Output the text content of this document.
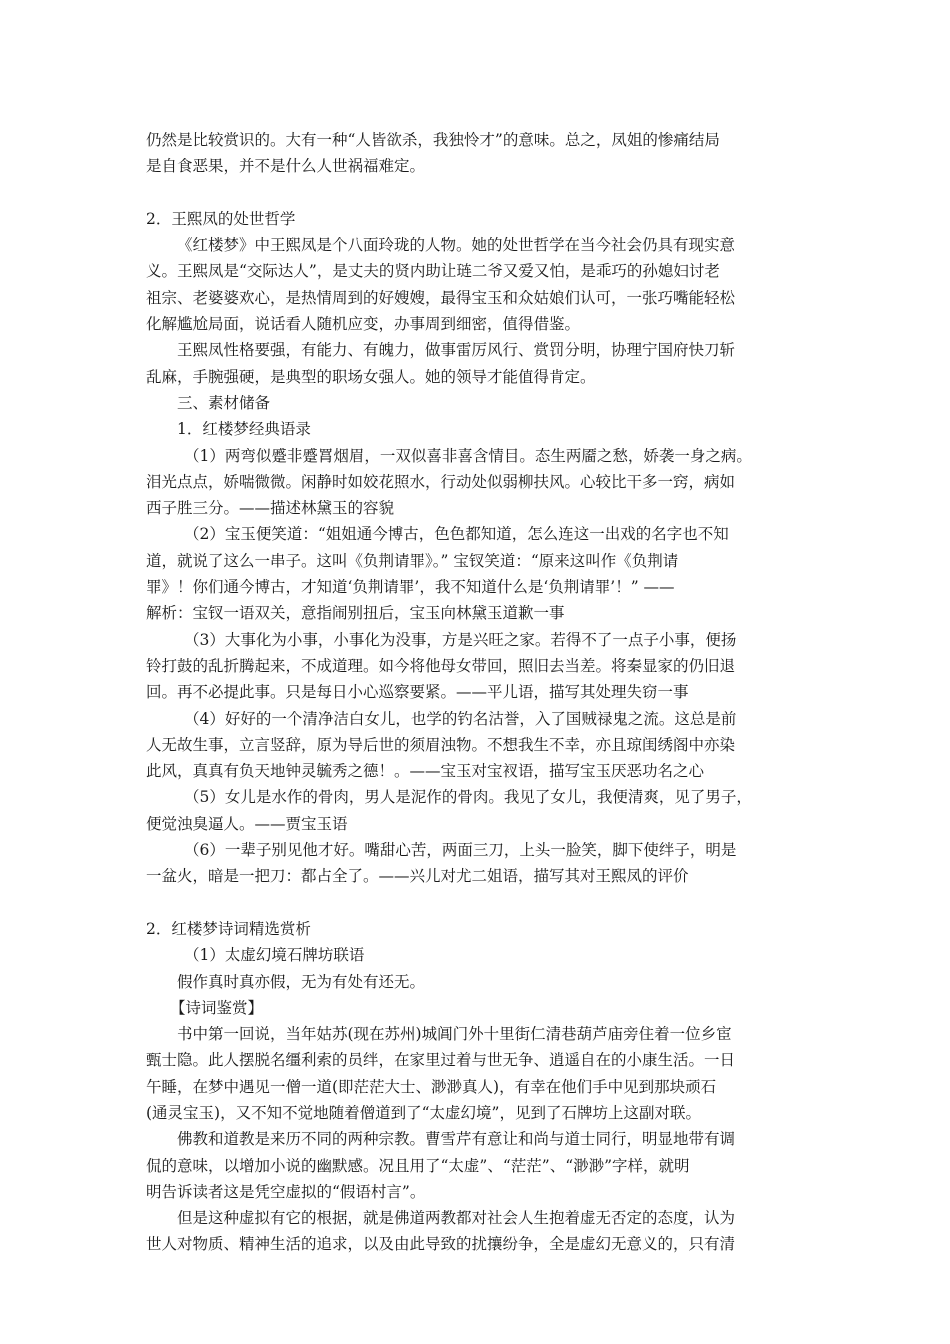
仍然是比较赏识的。大有一种“人皆欲杀，我独怜才”的意味。总之，凤姐的惨痛结局
是自食恶果，并不是什么人世祸福难定。
2．王熙凤的处世哲学
《红楼梦》中王熙凤是个八面玲珑的人物。她的处世哲学在当今社会仍具有现实意
义。王熙凤是“交际达人”，是丈夫的贤内助让琏二爷又爱又怕，是乖巧的孙媳妇讨老
祖宗、老婆婆欢心，是热情周到的好嫂嫂，最得宝玉和众姑娘们认可，一张巧嘴能轻松
化解尴尬局面，说话看人随机应变，办事周到细密，值得借鉴。
王熙凤性格要强，有能力、有魄力，做事雷厉风行、赏罚分明，协理宁国府快刀斩
乱麻，手腕强硬，是典型的职场女强人。她的领导才能值得肯定。
三、素材储备
1．红楼梦经典语录
（1）两弯似蹙非蹙罥烟眉，一双似喜非喜含情目。态生两靥之愁，娇袭一身之病。
泪光点点，娇喘微微。闲静时如姣花照水，行动处似弱柳扶风。心较比干多一窍，病如
西子胜三分。——描述林黛玉的容貌
（2）宝玉便笑道：“姐姐通今博古，色色都知道，怎么连这一出戏的名字也不知
道，就说了这么一串子。这叫《负荆请罪》。” 宝钗笑道：“原来这叫作《负荆请
罪》！你们通今博古，才知道‘负荆请罪’，我不知道什么是‘负荆请罪’！” ——
解析：宝钗一语双关，意指闹别扭后，宝玉向林黛玉道歉一事
（3）大事化为小事，小事化为没事，方是兴旺之家。若得不了一点子小事，便扬
铃打鼓的乱折腾起来，不成道理。如今将他母女带回，照旧去当差。将秦显家的仍旧退
回。再不必提此事。只是每日小心巡察要紧。——平儿语，描写其处理失窃一事
（4）好好的一个清净洁白女儿，也学的钓名沽誉，入了国贼禄鬼之流。这总是前
人无故生事，立言竖辞，原为导后世的须眉浊物。不想我生不幸，亦且琼闺绣阁中亦染
此风，真真有负天地钟灵毓秀之德！。——宝玉对宝衩语，描写宝玉厌恶功名之心
（5）女儿是水作的骨肉，男人是泥作的骨肉。我见了女儿，我便清爽，见了男子，
便觉浊臭逼人。——贾宝玉语
（6）一辈子别见他才好。嘴甜心苦，两面三刀，上头一脸笑，脚下使绊子，明是
一盆火，暗是一把刀：都占全了。——兴儿对尤二姐语，描写其对王熙凤的评价
2．红楼梦诗词精选赏析
（1）太虚幻境石牌坊联语
假作真时真亦假，无为有处有还无。
【诗词鉴赏】
书中第一回说，当年姑苏(现在苏州)城阊门外十里街仁清巷葫芦庙旁住着一位乡宦
甄士隐。此人摆脱名缰利索的员绊，在家里过着与世无争、逍遥自在的小康生活。一日
午睡，在梦中遇见一僧一道(即茫茫大士、渺渺真人)，有幸在他们手中见到那块顽石
(通灵宝玉)，又不知不觉地随着僧道到了“太虚幻境”，见到了石牌坊上这副对联。
佛教和道教是来历不同的两种宗教。曹雪芹有意让和尚与道士同行，明显地带有调
侃的意味，以增加小说的幽默感。况且用了“太虚”、“茫茫”、“渺渺”字样，就明
明告诉读者这是凭空虚拟的“假语村言”。
但是这种虚拟有它的根据，就是佛道两教都对社会人生抱着虚无否定的态度，认为
世人对物质、精神生活的追求，以及由此导致的扰攘纷争，全是虚幻无意义的，只有清
